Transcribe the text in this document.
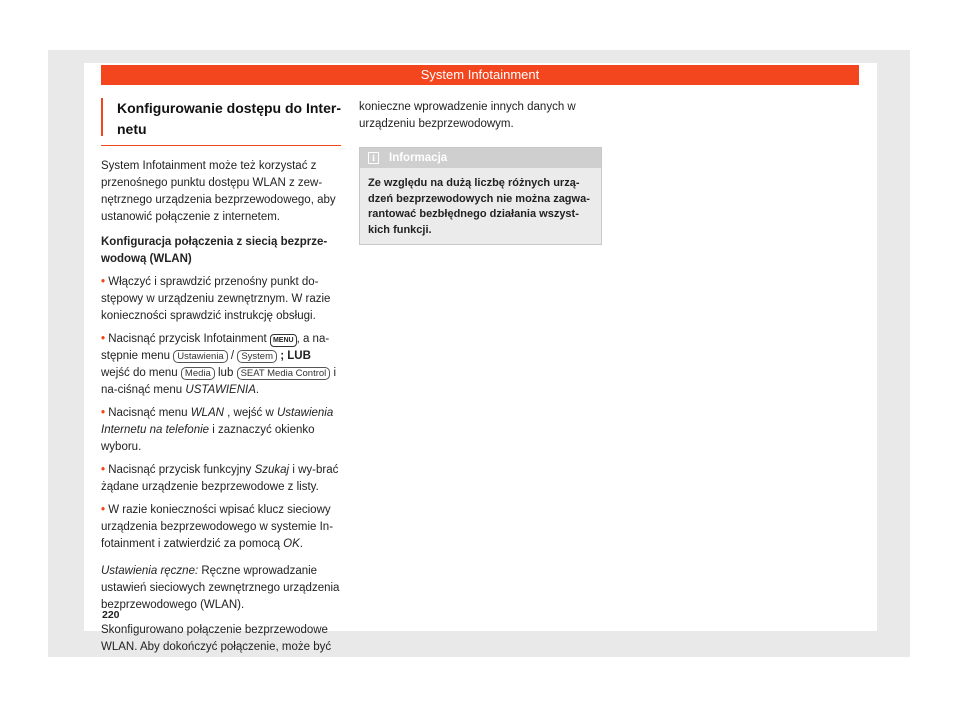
System Infotainment
Konfigurowanie dostępu do Inter-
netu

System Infotainment może też korzystać z przenośnego punktu dostępu WLAN z zew-nętrznego urządzenia bezprzewodowego, aby ustanowić połączenie z internetem.

Konfiguracja połączenia z siecią bezprze-wodową (WLAN)

• Włączyć i sprawdzić przenośny punkt do-stępowy w urządzeniu zewnętrznym. W razie konieczności sprawdzić instrukcję obsługi.

• Nacisnąć przycisk Infotainment MENU , a na-stępnie menu Ustawienia / System ; LUB wejść do menu Media lub SEAT Media Control i na-ciśnąć menu USTAWIENIA.

• Nacisnąć menu WLAN , wejść w Ustawienia Internetu na telefonie i zaznaczyć okienko wyboru.

• Nacisnąć przycisk funkcyjny Szukaj i wy-brać żądane urządzenie bezprzewodowe z listy.

• W razie konieczności wpisać klucz sieciowy urządzenia bezprzewodowego w systemie In-fotainment i zatwierdzić za pomocą OK.

Ustawienia ręczne: Ręczne wprowadzanie ustawień sieciowych zewnętrznego urządzenia bezprzewodowego (WLAN).

Skonfigurowano połączenie bezprzewodowe WLAN. Aby dokończyć połączenie, może być

konieczne wprowadzenie innych danych w urządzeniu bezprzewodowym.

i Informacja
Ze względu na dużą liczbę różnych urzą-dzeń bezprzewodowych nie można zagwa-rantować bezbłędnego działania wszyst-kich funkcji.
220
